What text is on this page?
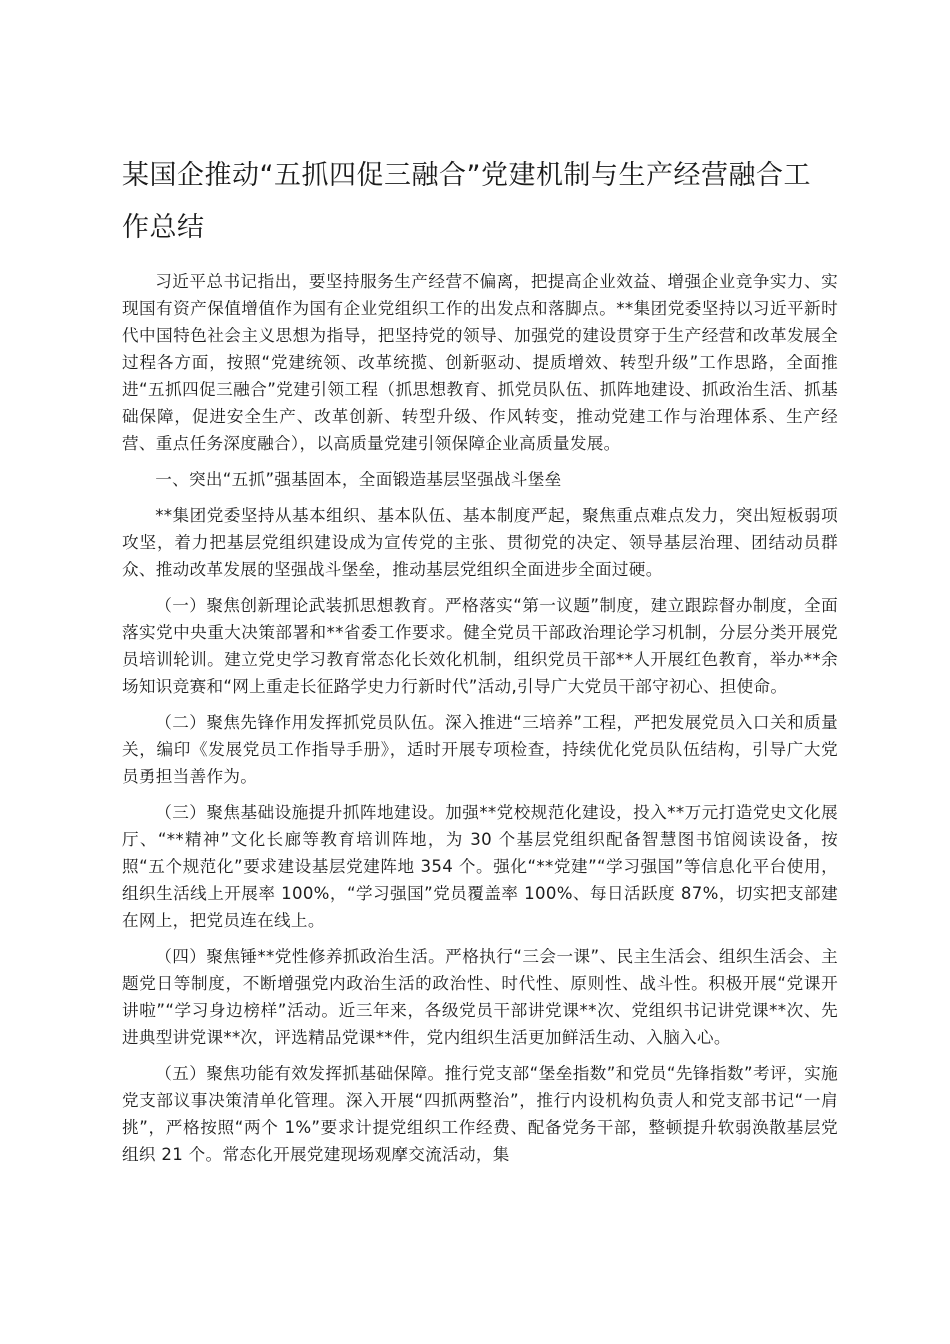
某国企推动“五抓四促三融合”党建机制与生产经营融合工作总结

习近平总书记指出，要坚持服务生产经营不偏离，把提高企业效益、增强企业竞争实力、实现国有资产保值增值作为国有企业党组织工作的出发点和落脚点。**集团党委坚持以习近平新时代中国特色社会主义思想为指导，把坚持党的领导、加强党的建设贯穿于生产经营和改革发展全过程各方面，按照“党建统领、改革统揽、创新驱动、提质增效、转型升级”工作思路，全面推进“五抓四促三融合”党建引领工程（抓思想教育、抓党员队伍、抓阵地建设、抓政治生活、抓基础保障，促进安全生产、改革创新、转型升级、作风转变，推动党建工作与治理体系、生产经营、重点任务深度融合），以高质量党建引领保障企业高质量发展。

一、突出“五抓”强基固本，全面锻造基层坚强战斗堡垒

**集团党委坚持从基本组织、基本队伍、基本制度严起，聚焦重点难点发力，突出短板弱项攻坚，着力把基层党组织建设成为宣传党的主张、贯彻党的决定、领导基层治理、团结动员群众、推动改革发展的坚强战斗堡垒，推动基层党组织全面进步全面过硬。

（一）聚焦创新理论武装抓思想教育。严格落实“第一议题”制度，建立跟踪督办制度，全面落实党中央重大决策部署和**省委工作要求。健全党员干部政治理论学习机制，分层分类开展党员培训轮训。建立党史学习教育常态化长效化机制，组织党员干部**人开展红色教育，举办**余场知识竞赛和“网上重走长征路学史力行新时代”活动,引导广大党员干部守初心、担使命。

（二）聚焦先锋作用发挥抓党员队伍。深入推进“三培养”工程，严把发展党员入口关和质量关，编印《发展党员工作指导手册》，适时开展专项检查，持续优化党员队伍结构，引导广大党员勇担当善作为。

（三）聚焦基础设施提升抓阵地建设。加强**党校规范化建设，投入**万元打造党史文化展厅、“**精神”文化长廊等教育培训阵地，为 30 个基层党组织配备智慧图书馆阅读设备，按照“五个规范化”要求建设基层党建阵地 354 个。强化“**党建”“学习强国”等信息化平台使用，组织生活线上开展率 100%，“学习强国”党员覆盖率 100%、每日活跃度 87%，切实把支部建在网上，把党员连在线上。

（四）聚焦锤**党性修养抓政治生活。严格执行“三会一课”、民主生活会、组织生活会、主题党日等制度，不断增强党内政治生活的政治性、时代性、原则性、战斗性。积极开展“党课开讲啦”“学习身边榜样”活动。近三年来，各级党员干部讲党课**次、党组织书记讲党课**次、先进典型讲党课**次，评选精品党课**件，党内组织生活更加鲜活生动、入脑入心。

（五）聚焦功能有效发挥抓基础保障。推行党支部“堡垒指数”和党员“先锋指数”考评，实施党支部议事决策清单化管理。深入开展“四抓两整治”，推行内设机构负责人和党支部书记“一肩挑”，严格按照“两个 1%”要求计提党组织工作经费、配备党务干部，整顿提升软弱涣散基层党组织 21 个。常态化开展党建现场观摩交流活动，集
